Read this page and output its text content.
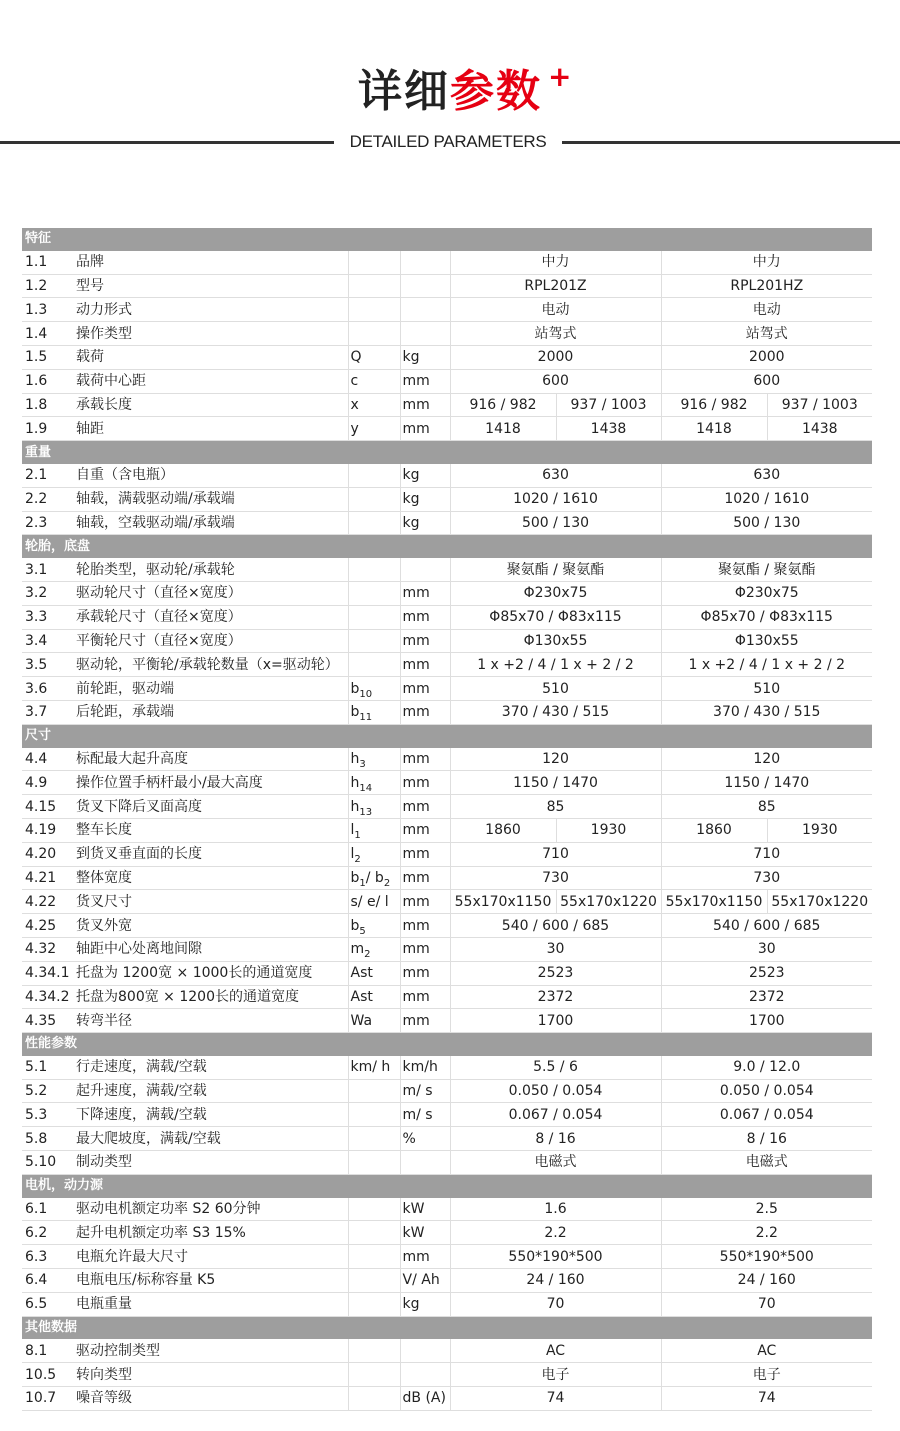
详细参数 +
DETAILED PARAMETERS
特征							
1.1	品牌			中力		中力	
1.2	型号			RPL201Z		RPL201HZ	
1.3	动力形式			电动		电动	
1.4	操作类型			站驾式		站驾式	
1.5	载荷	Q	kg	2000		2000	
1.6	载荷中心距	c	mm	600		600	
1.8	承载长度	x	mm	916 / 982	937 / 1003	916 / 982	937 / 1003
1.9	轴距	y	mm	1418	1438	1418	1438
重量							
2.1	自重（含电瓶）		kg	630		630	
2.2	轴载，满载驱动端/承载端		kg	1020 / 1610		1020 / 1610	
2.3	轴载，空载驱动端/承载端		kg	500 / 130		500 / 130	
轮胎，底盘							
3.1	轮胎类型，驱动轮/承载轮			聚氨酯 / 聚氨酯		聚氨酯 / 聚氨酯	
3.2	驱动轮尺寸（直径×宽度）		mm	Φ230x75		Φ230x75	
3.3	承载轮尺寸（直径×宽度）		mm	Φ85x70 / Φ83x115		Φ85x70 / Φ83x115	
3.4	平衡轮尺寸（直径×宽度）		mm	Φ130x55		Φ130x55	
3.5	驱动轮，平衡轮/承载轮数量（x=驱动轮）		mm	1 x +2 / 4 / 1 x + 2 / 2		1 x +2 / 4 / 1 x + 2 / 2	
3.6	前轮距，驱动端	$b_{10}$	mm	510		510	
3.7	后轮距，承载端	$b_{11}$	mm	370 / 430 / 515		370 / 430 / 515	
尺寸							
4.4	标配最大起升高度	$h_3$	mm	120		120	
4.9	操作位置手柄杆最小/最大高度	$h_{14}$	mm	1150 / 1470		1150 / 1470	
4.15	货叉下降后叉面高度	$h_{13}$	mm	85		85	
4.19	整车长度	$l_1$	mm	1860	1930	1860	1930
4.20	到货叉垂直面的长度	$l_2$	mm	710		710	
4.21	整体宽度	$b_1/$ $b_2$	mm	730		730	
4.22	货叉尺寸	s/ e/ l	mm	55x170x1150	55x170x1220	55x170x1150	55x170x1220
4.25	货叉外宽	$b_5$	mm	540 / 600 / 685		540 / 600 / 685	
4.32	轴距中心处离地间隙	$m_2$	mm	30		30	
4.34.1	托盘为 1200宽 × 1000长的通道宽度	Ast	mm	2523		2523	
4.34.2	托盘为800宽 × 1200长的通道宽度	Ast	mm	2372		2372	
4.35	转弯半径	Wa	mm	1700		1700	
性能参数							
5.1	行走速度，满载/空载	km/ h	km/h	5.5 / 6		9.0 / 12.0	
5.2	起升速度，满载/空载		m/ s	0.050 / 0.054		0.050 / 0.054	
5.3	下降速度，满载/空载		m/ s	0.067 / 0.054		0.067 / 0.054	
5.8	最大爬坡度，满载/空载		%	8 / 16		8 / 16	
5.10	制动类型			电磁式		电磁式	
电机，动力源							
6.1	驱动电机额定功率 S2 60分钟		kW	1.6		2.5	
6.2	起升电机额定功率 S3 15%		kW	2.2		2.2	
6.3	电瓶允许最大尺寸		mm	550*190*500		550*190*500	
6.4	电瓶电压/标称容量 K5		V/ Ah	24 / 160		24 / 160	
6.5	电瓶重量		kg	70		70	
其他数据							
8.1	驱动控制类型			AC		AC	
10.5	转向类型			电子		电子	
10.7	噪音等级		dB (A)	74		74	
